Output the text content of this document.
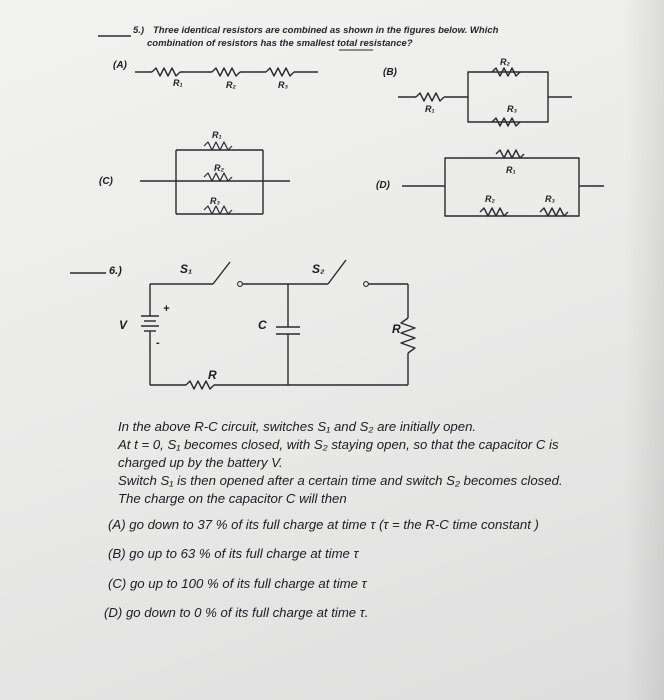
5.) Three identical resistors are combined as shown in the figures below. Which
combination of resistors has the smallest total resistance?
(A)
R₁	R₂	R₃
(B)
R₂
R₁	R₃
(C)
R₁
R₂
R₃
(D)
R₁
R₂	R₃
6.)	S₁	S₂
V
+
-
C
R
R
In the above R-C circuit, switches S₁ and S₂ are initially open.
At t = 0, S₁ becomes closed, with S₂ staying open, so that the capacitor C is
charged up by the battery V.
Switch S₁ is then opened after a certain time and switch S₂ becomes closed.
The charge on the capacitor C will then
(A) go down to 37 % of its full charge at time τ (τ = the R-C time constant )
(B) go up to 63 % of its full charge at time τ
(C) go up to 100 % of its full charge at time τ
(D) go down to 0 % of its full charge at time τ.
